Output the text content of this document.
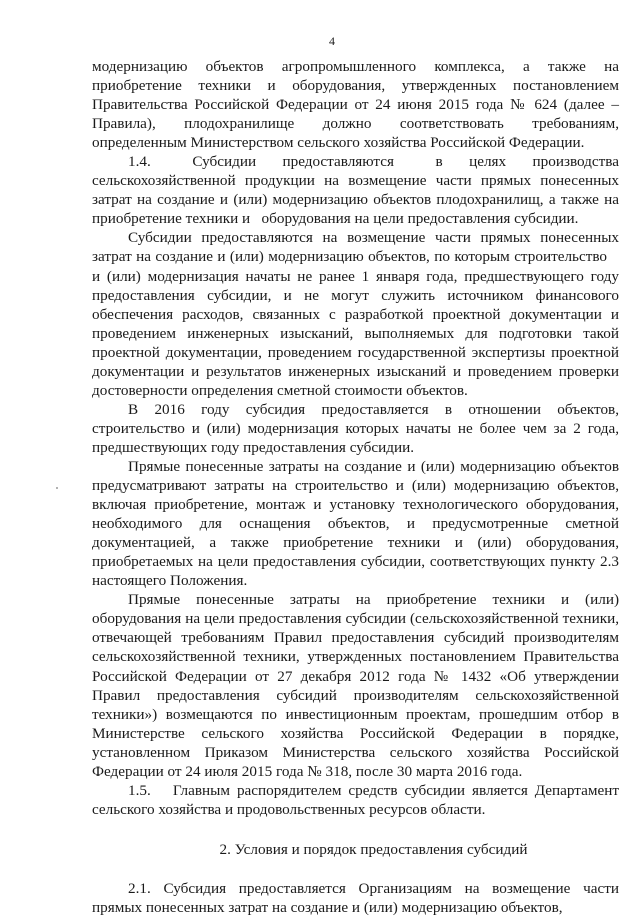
4

модернизацию объектов агропромышленного комплекса, а также на приобретение техники и оборудования, утвержденных постановлением Правительства Российской Федерации от 24 июня 2015 года № 624 (далее – Правила), плодохранилище должно соответствовать требованиям, определенным Министерством сельского хозяйства Российской Федерации.

1.4.  Субсидии предоставляются  в целях производства сельскохозяйственной продукции на возмещение части прямых понесенных затрат на создание и (или) модернизацию объектов плодохранилищ, а также на приобретение техники и  оборудования на цели предоставления субсидии.

Субсидии предоставляются на возмещение части прямых понесенных затрат на создание и (или) модернизацию объектов, по которым строительство  и (или) модернизация начаты не ранее 1 января года, предшествующего году предоставления субсидии, и не могут служить источником финансового обеспечения расходов, связанных с разработкой проектной документации и проведением инженерных изысканий, выполняемых для подготовки такой проектной документации, проведением государственной экспертизы проектной документации и результатов инженерных изысканий и проведением проверки достоверности определения сметной стоимости объектов.

В 2016 году субсидия предоставляется в отношении объектов, строительство и (или) модернизация которых начаты не более чем за 2 года, предшествующих году предоставления субсидии.

Прямые понесенные затраты на создание и (или) модернизацию объектов предусматривают затраты на строительство и (или) модернизацию объектов, включая приобретение, монтаж и установку технологического оборудования, необходимого для оснащения объектов, и предусмотренные сметной документацией, а также приобретение техники и (или) оборудования, приобретаемых на цели предоставления субсидии, соответствующих пункту 2.3 настоящего Положения.

Прямые понесенные затраты на приобретение техники и (или) оборудования на цели предоставления субсидии (сельскохозяйственной техники, отвечающей требованиям Правил предоставления субсидий производителям сельскохозяйственной техники, утвержденных постановлением Правительства Российской Федерации от 27 декабря 2012 года № 1432 «Об утверждении Правил предоставления субсидий производителям сельскохозяйственной техники») возмещаются по инвестиционным проектам, прошедшим отбор в Министерстве сельского хозяйства Российской Федерации в порядке, установленном Приказом Министерства сельского хозяйства Российской Федерации от 24 июля 2015 года № 318, после 30 марта 2016 года.

1.5.  Главным распорядителем средств субсидии является Департамент сельского хозяйства и продовольственных ресурсов области.

2. Условия и порядок предоставления субсидий

2.1. Субсидия предоставляется Организациям на возмещение части прямых понесенных затрат на создание и (или) модернизацию объектов,
